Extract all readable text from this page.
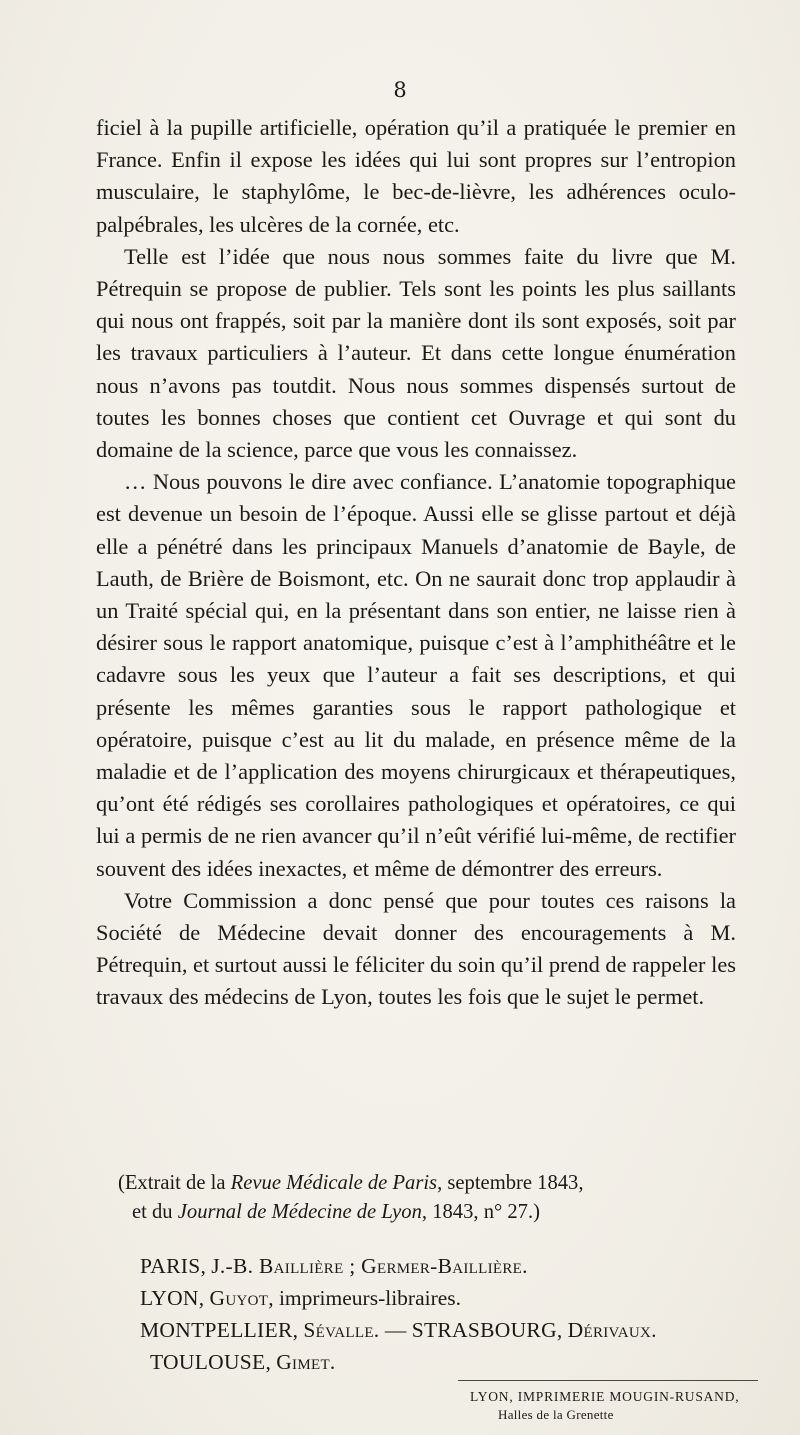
8

ficiel à la pupille artificielle, opération qu’il a pratiquée le premier en France. Enfin il expose les idées qui lui sont propres sur l’entropion musculaire, le staphylôme, le bec-de-lièvre, les adhérences oculo-palpébrales, les ulcères de la cornée, etc.

Telle est l’idée que nous nous sommes faite du livre que M. Pétrequin se propose de publier. Tels sont les points les plus saillants qui nous ont frappés, soit par la manière dont ils sont exposés, soit par les travaux particuliers à l’auteur. Et dans cette longue énumération nous n’avons pas toutdit. Nous nous sommes dispensés surtout de toutes les bonnes choses que contient cet Ouvrage et qui sont du domaine de la science, parce que vous les connaissez.

… Nous pouvons le dire avec confiance. L’anatomie topographique est devenue un besoin de l’époque. Aussi elle se glisse partout et déjà elle a pénétré dans les principaux Manuels d’anatomie de Bayle, de Lauth, de Brière de Boismont, etc. On ne saurait donc trop applaudir à un Traité spécial qui, en la présentant dans son entier, ne laisse rien à désirer sous le rapport anatomique, puisque c’est à l’amphithéâtre et le cadavre sous les yeux que l’auteur a fait ses descriptions, et qui présente les mêmes garanties sous le rapport pathologique et opératoire, puisque c’est au lit du malade, en présence même de la maladie et de l’application des moyens chirurgicaux et thérapeutiques, qu’ont été rédigés ses corollaires pathologiques et opératoires, ce qui lui a permis de ne rien avancer qu’il n’eût vérifié lui-même, de rectifier souvent des idées inexactes, et même de démontrer des erreurs.

Votre Commission a donc pensé que pour toutes ces raisons la Société de Médecine devait donner des encouragements à M. Pétrequin, et surtout aussi le féliciter du soin qu’il prend de rappeler les travaux des médecins de Lyon, toutes les fois que le sujet le permet.

(Extrait de la Revue Médicale de Paris, septembre 1843,

et du Journal de Médecine de Lyon, 1843, n° 27.)

PARIS, J.-B. Baillière ; Germer-Baillière.
LYON, Guyot, imprimeurs-libraires.
MONTPELLIER, Sévalle. — STRASBOURG, Dérivaux.
TOULOUSE, Gimet.
LYON, IMPRIMERIE MOUGIN-RUSAND,
Halles de la Grenette
